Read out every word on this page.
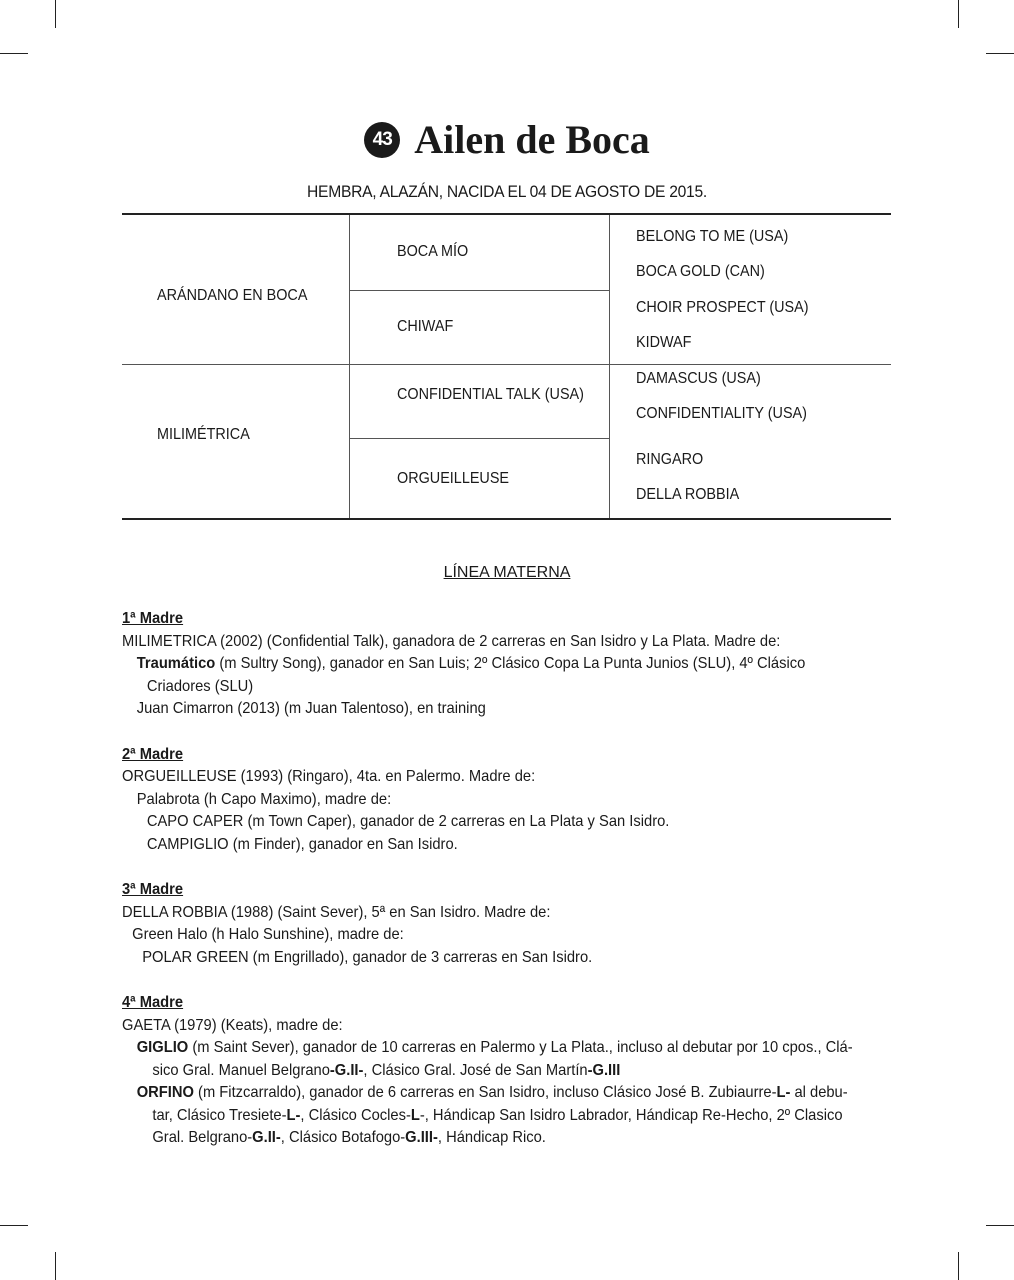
43 Ailen de Boca
HEMBRA, ALAZÁN, NACIDA EL 04 DE AGOSTO DE 2015.
ARÁNDANO EN BOCA
MILIMÉTRICA
BOCA MÍO
CHIWAF
CONFIDENTIAL TALK (USA)
ORGUEILLEUSE
BELONG TO ME (USA)
BOCA GOLD (CAN)
CHOIR PROSPECT (USA)
KIDWAF
DAMASCUS (USA)
CONFIDENTIALITY (USA)
RINGARO
DELLA ROBBIA
LÍNEA MATERNA
1ª Madre
MILIMETRICA (2002) (Confidential Talk), ganadora de 2 carreras en San Isidro y La Plata. Madre de:
Traumático (m Sultry Song), ganador en San Luis; 2º Clásico Copa La Punta Junios (SLU), 4º Clásico
Criadores (SLU)
Juan Cimarron (2013) (m Juan Talentoso), en training
2ª Madre
ORGUEILLEUSE (1993) (Ringaro), 4ta. en Palermo. Madre de:
Palabrota (h Capo Maximo), madre de:
CAPO CAPER (m Town Caper), ganador de 2 carreras en La Plata y San Isidro.
CAMPIGLIO (m Finder), ganador en San Isidro.
3ª Madre
DELLA ROBBIA (1988) (Saint Sever), 5ª en San Isidro. Madre de:
Green Halo (h Halo Sunshine), madre de:
POLAR GREEN (m Engrillado), ganador de 3 carreras en San Isidro.
4ª Madre
GAETA (1979) (Keats), madre de:
GIGLIO (m Saint Sever), ganador de 10 carreras en Palermo y La Plata., incluso al debutar por 10 cpos., Clá-
sico Gral. Manuel Belgrano-G.II-, Clásico Gral. José de San Martín-G.III
ORFINO (m Fitzcarraldo), ganador de 6 carreras en San Isidro, incluso Clásico José B. Zubiaurre-L- al debu-
tar, Clásico Tresiete-L-, Clásico Cocles-L-, Hándicap San Isidro Labrador, Hándicap Re-Hecho, 2º Clasico
Gral. Belgrano-G.II-, Clásico Botafogo-G.III-, Hándicap Rico.
